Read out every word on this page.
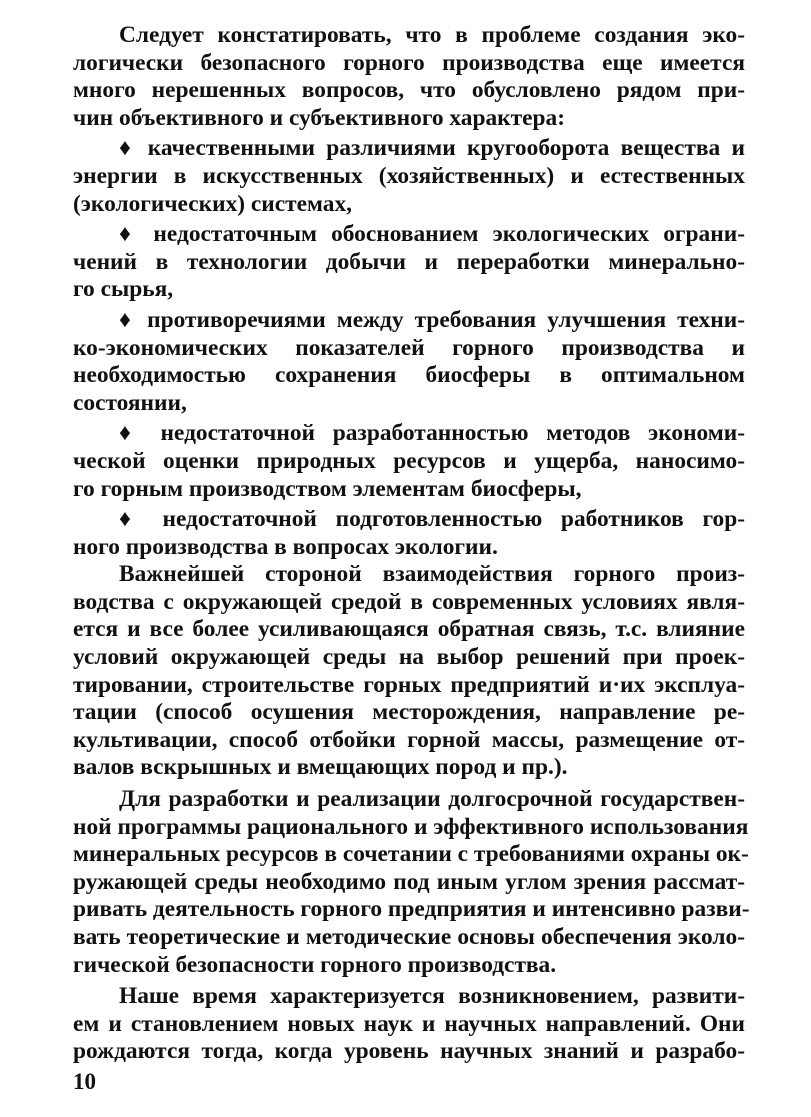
Следует констатировать, что в проблеме создания эко-
логически безопасного горного производства еще имеется
много нерешенных вопросов, что обусловлено рядом при-
чин объективного и субъективного характера:
♦ качественными различиями кругооборота вещества и
энергии в искусственных (хозяйственных) и естественных
(экологических) системах,
♦ недостаточным обоснованием экологических ограни-
чений в технологии добычи и переработки минерально-
го сырья,
♦ противоречиями между требования улучшения техни-
ко-экономических показателей горного производства и
необходимостью сохранения биосферы в оптимальном
состоянии,
♦ недостаточной разработанностью методов экономи-
ческой оценки природных ресурсов и ущерба, наносимо-
го горным производством элементам биосферы,
♦ недостаточной подготовленностью работников гор-
ного производства в вопросах экологии.
Важнейшей стороной взаимодействия горного произ-
водства с окружающей средой в современных условиях явля-
ется и все более усиливающаяся обратная связь, т.с. влияние
условий окружающей среды на выбор решений при проек-
тировании, строительстве горных предприятий и·их эксплуа-
тации (способ осушения месторождения, направление ре-
культивации, способ отбойки горной массы, размещение от-
валов вскрышных и вмещающих пород и пр.).
Для разработки и реализации долгосрочной государствен-
ной программы рационального и эффективного использования
минеральных ресурсов в сочетании с требованиями охраны ок-
ружающей среды необходимо под иным углом зрения рассмат-
ривать деятельность горного предприятия и интенсивно разви-
вать теоретические и методические основы обеспечения эколо-
гической безопасности горного производства.
Наше время характеризуется возникновением, развити-
ем и становлением новых наук и научных направлений. Они
рождаются тогда, когда уровень научных знаний и разрабо-
10
